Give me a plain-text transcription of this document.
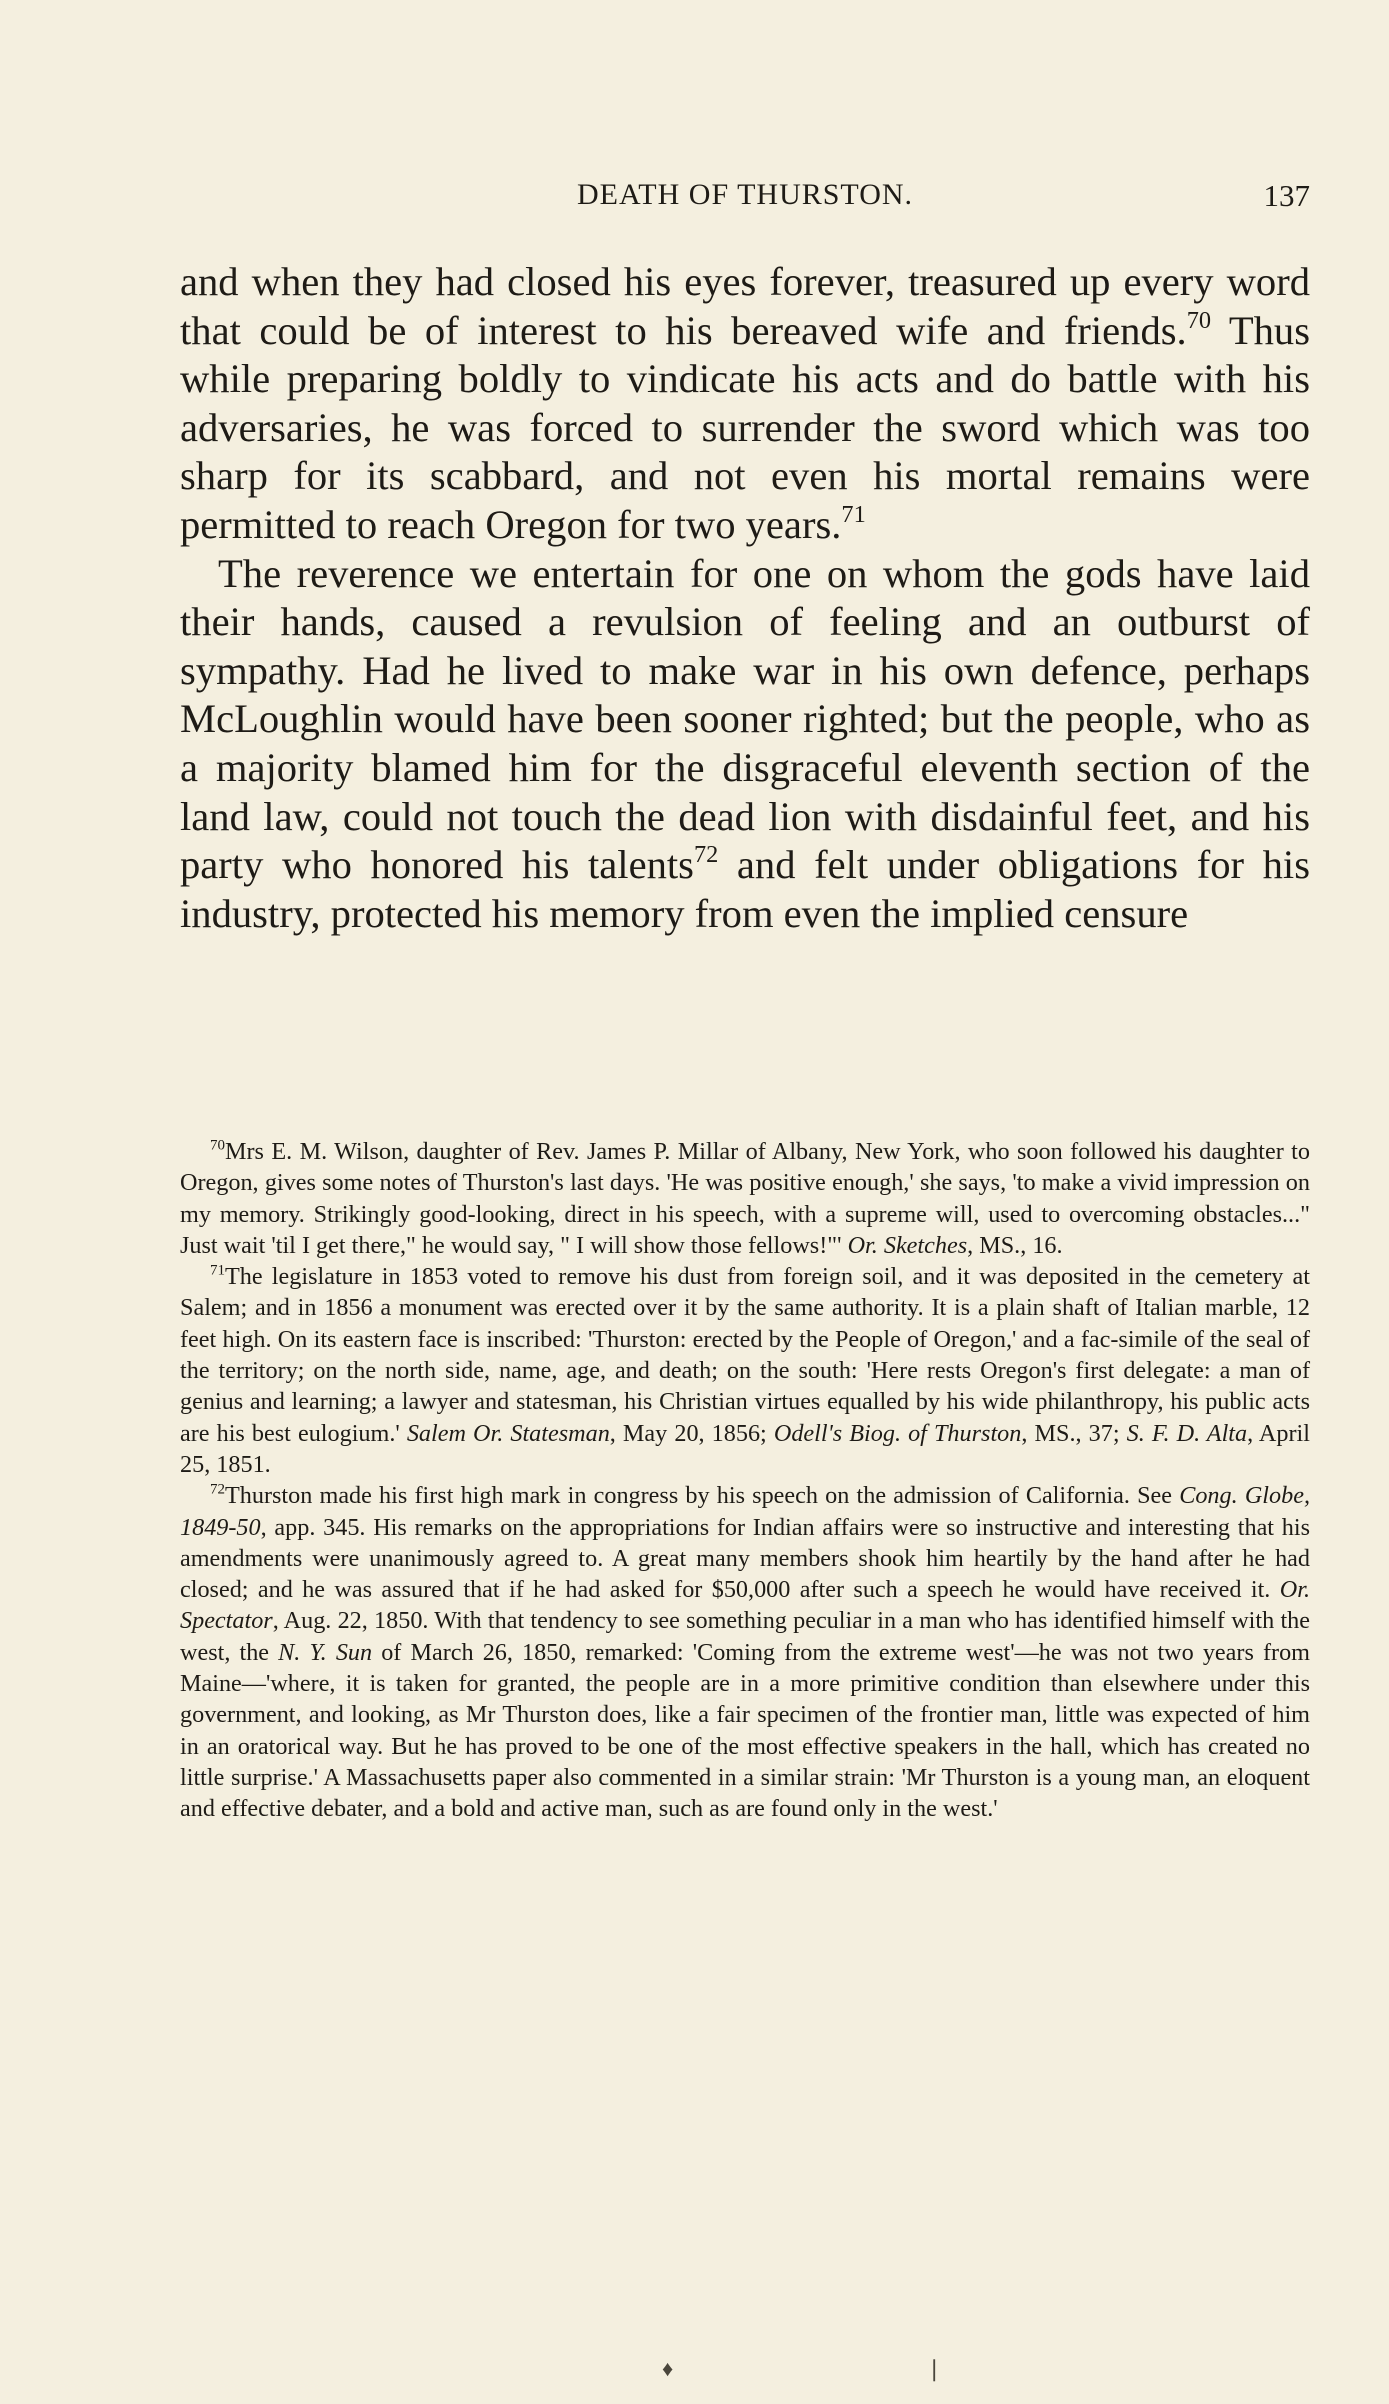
DEATH OF THURSTON.	137

and when they had closed his eyes forever, treasured up every word that could be of interest to his bereaved wife and friends.$^{70}$ Thus while preparing boldly to vindicate his acts and do battle with his adversaries, he was forced to surrender the sword which was too sharp for its scabbard, and not even his mortal remains were permitted to reach Oregon for two years.$^{71}$

The reverence we entertain for one on whom the gods have laid their hands, caused a revulsion of feeling and an outburst of sympathy. Had he lived to make war in his own defence, perhaps McLoughlin would have been sooner righted; but the people, who as a majority blamed him for the disgraceful eleventh section of the land law, could not touch the dead lion with disdainful feet, and his party who honored his talents$^{72}$ and felt under obligations for his industry, protected his memory from even the implied censure

$^{70}$Mrs E. M. Wilson, daughter of Rev. James P. Millar of Albany, New York, who soon followed his daughter to Oregon, gives some notes of Thurston's last days. 'He was positive enough,' she says, 'to make a vivid impression on my memory. Strikingly good-looking, direct in his speech, with a supreme will, used to overcoming obstacles..." Just wait 'til I get there," he would say, " I will show those fellows!"' Or. Sketches, MS., 16.

$^{71}$The legislature in 1853 voted to remove his dust from foreign soil, and it was deposited in the cemetery at Salem; and in 1856 a monument was erected over it by the same authority. It is a plain shaft of Italian marble, 12 feet high. On its eastern face is inscribed: 'Thurston: erected by the People of Oregon,' and a fac-simile of the seal of the territory; on the north side, name, age, and death; on the south: 'Here rests Oregon's first delegate: a man of genius and learning; a lawyer and statesman, his Christian virtues equalled by his wide philanthropy, his public acts are his best eulogium.' Salem Or. Statesman, May 20, 1856; Odell's Biog. of Thurston, MS., 37; S. F. D. Alta, April 25, 1851.

$^{72}$Thurston made his first high mark in congress by his speech on the admission of California. See Cong. Globe, 1849-50, app. 345. His remarks on the appropriations for Indian affairs were so instructive and interesting that his amendments were unanimously agreed to. A great many members shook him heartily by the hand after he had closed; and he was assured that if he had asked for $50,000 after such a speech he would have received it. Or. Spectator, Aug. 22, 1850. With that tendency to see something peculiar in a man who has identified himself with the west, the N. Y. Sun of March 26, 1850, remarked: 'Coming from the extreme west'—he was not two years from Maine—'where, it is taken for granted, the people are in a more primitive condition than elsewhere under this government, and looking, as Mr Thurston does, like a fair specimen of the frontier man, little was expected of him in an oratorical way. But he has proved to be one of the most effective speakers in the hall, which has created no little surprise.' A Massachusetts paper also commented in a similar strain: 'Mr Thurston is a young man, an eloquent and effective debater, and a bold and active man, such as are found only in the west.'

♦	❘
